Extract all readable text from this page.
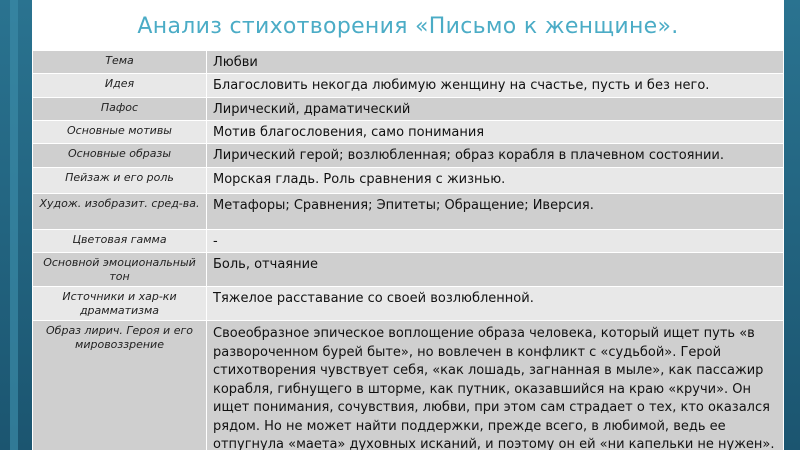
Анализ стихотворения «Письмо к женщине».
Тема	Любви
Идея	Благословить некогда любимую женщину на счастье, пусть и без него.
Пафос	Лирический, драматический
Основные мотивы	Мотив благословения, само понимания
Основные образы	Лирический герой; возлюбленная; образ корабля в плачевном состоянии.
Пейзаж и его роль	Морская гладь. Роль сравнения с жизнью.
Худож. изобразит. сред-ва.	Метафоры; Сравнения; Эпитеты; Обращение; Иверсия.
Цветовая гамма	-
Основной эмоциональный тон	Боль, отчаяние
Источники и хар-ки драмматизма	Тяжелое расставание со своей возлюбленной.
Образ лирич. Героя и его мировоззрение	Своеобразное эпическое воплощение образа человека, который ищет путь «в развороченном бурей быте», но вовлечен в конфликт с «судьбой». Герой стихотворения чувствует себя, «как лошадь, загнанная в мыле», как пассажир корабля, гибнущего в шторме, как путник, оказавшийся на краю «кручи». Он ищет понимания, сочувствия, любви, при этом сам страдает о тех, кто оказался рядом. Но не может найти поддержки, прежде всего, в любимой, ведь ее отпугнула «маета» духовных исканий, и поэтому он ей «ни капельки не нужен».
